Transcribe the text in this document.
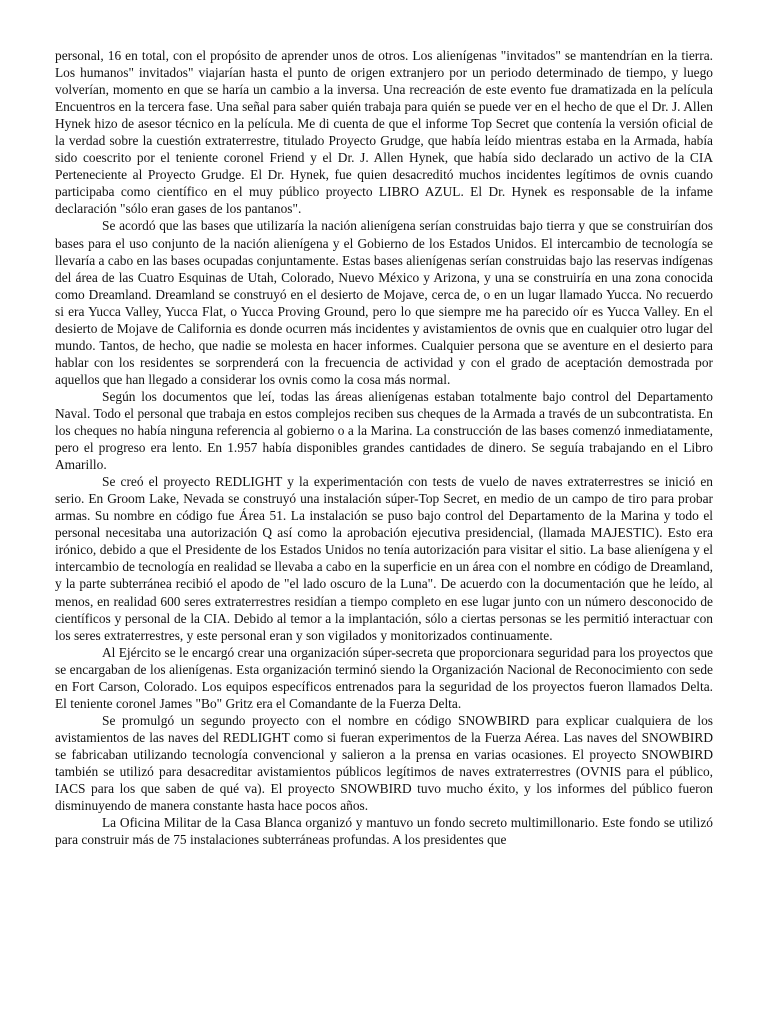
personal, 16 en total, con el propósito de aprender unos de otros. Los alienígenas "invitados" se mantendrían en la tierra. Los humanos" invitados" viajarían hasta el punto de origen extranjero por un periodo determinado de tiempo, y luego volverían, momento en que se haría un cambio a la inversa. Una recreación de este evento fue dramatizada en la película Encuentros en la tercera fase. Una señal para saber quién trabaja para quién se puede ver en el hecho de que el Dr. J. Allen Hynek hizo de asesor técnico en la película. Me di cuenta de que el informe Top Secret que contenía la versión oficial de la verdad sobre la cuestión extraterrestre, titulado Proyecto Grudge, que había leído mientras estaba en la Armada, había sido coescrito por el teniente coronel Friend y el Dr. J. Allen Hynek, que había sido declarado un activo de la CIA Perteneciente al Proyecto Grudge. El Dr. Hynek, fue quien desacreditó muchos incidentes legítimos de ovnis cuando participaba como científico en el muy público proyecto LIBRO AZUL. El Dr. Hynek es responsable de la infame declaración "sólo eran gases de los pantanos".

Se acordó que las bases que utilizaría la nación alienígena serían construidas bajo tierra y que se construirían dos bases para el uso conjunto de la nación alienígena y el Gobierno de los Estados Unidos. El intercambio de tecnología se llevaría a cabo en las bases ocupadas conjuntamente. Estas bases alienígenas serían construidas bajo las reservas indígenas del área de las Cuatro Esquinas de Utah, Colorado, Nuevo México y Arizona, y una se construiría en una zona conocida como Dreamland. Dreamland se construyó en el desierto de Mojave, cerca de, o en un lugar llamado Yucca. No recuerdo si era Yucca Valley, Yucca Flat, o Yucca Proving Ground, pero lo que siempre me ha parecido oír es Yucca Valley. En el desierto de Mojave de California es donde ocurren más incidentes y avistamientos de ovnis que en cualquier otro lugar del mundo. Tantos, de hecho, que nadie se molesta en hacer informes. Cualquier persona que se aventure en el desierto para hablar con los residentes se sorprenderá con la frecuencia de actividad y con el grado de aceptación demostrada por aquellos que han llegado a considerar los ovnis como la cosa más normal.

Según los documentos que leí, todas las áreas alienígenas estaban totalmente bajo control del Departamento Naval. Todo el personal que trabaja en estos complejos reciben sus cheques de la Armada a través de un subcontratista. En los cheques no había ninguna referencia al gobierno o a la Marina. La construcción de las bases comenzó inmediatamente, pero el progreso era lento. En 1.957 había disponibles grandes cantidades de dinero. Se seguía trabajando en el Libro Amarillo.

Se creó el proyecto REDLIGHT y la experimentación con tests de vuelo de naves extraterrestres se inició en serio. En Groom Lake, Nevada se construyó una instalación súper-Top Secret, en medio de un campo de tiro para probar armas. Su nombre en código fue Área 51. La instalación se puso bajo control del Departamento de la Marina y todo el personal necesitaba una autorización Q así como la aprobación ejecutiva presidencial, (llamada MAJESTIC). Esto era irónico, debido a que el Presidente de los Estados Unidos no tenía autorización para visitar el sitio. La base alienígena y el intercambio de tecnología en realidad se llevaba a cabo en la superficie en un área con el nombre en código de Dreamland, y la parte subterránea recibió el apodo de "el lado oscuro de la Luna". De acuerdo con la documentación que he leído, al menos, en realidad 600 seres extraterrestres residían a tiempo completo en ese lugar junto con un número desconocido de científicos y personal de la CIA. Debido al temor a la implantación, sólo a ciertas personas se les permitió interactuar con los seres extraterrestres, y este personal eran y son vigilados y monitorizados continuamente.

Al Ejército se le encargó crear una organización súper-secreta que proporcionara seguridad para los proyectos que se encargaban de los alienígenas. Esta organización terminó siendo la Organización Nacional de Reconocimiento con sede en Fort Carson, Colorado. Los equipos específicos entrenados para la seguridad de los proyectos fueron llamados Delta. El teniente coronel James "Bo" Gritz era el Comandante de la Fuerza Delta.

Se promulgó un segundo proyecto con el nombre en código SNOWBIRD para explicar cualquiera de los avistamientos de las naves del REDLIGHT como si fueran experimentos de la Fuerza Aérea. Las naves del SNOWBIRD se fabricaban utilizando tecnología convencional y salieron a la prensa en varias ocasiones. El proyecto SNOWBIRD también se utilizó para desacreditar avistamientos públicos legítimos de naves extraterrestres (OVNIS para el público, IACS para los que saben de qué va). El proyecto SNOWBIRD tuvo mucho éxito, y los informes del público fueron disminuyendo de manera constante hasta hace pocos años.

La Oficina Militar de la Casa Blanca organizó y mantuvo un fondo secreto multimillonario. Este fondo se utilizó para construir más de 75 instalaciones subterráneas profundas. A los presidentes que
